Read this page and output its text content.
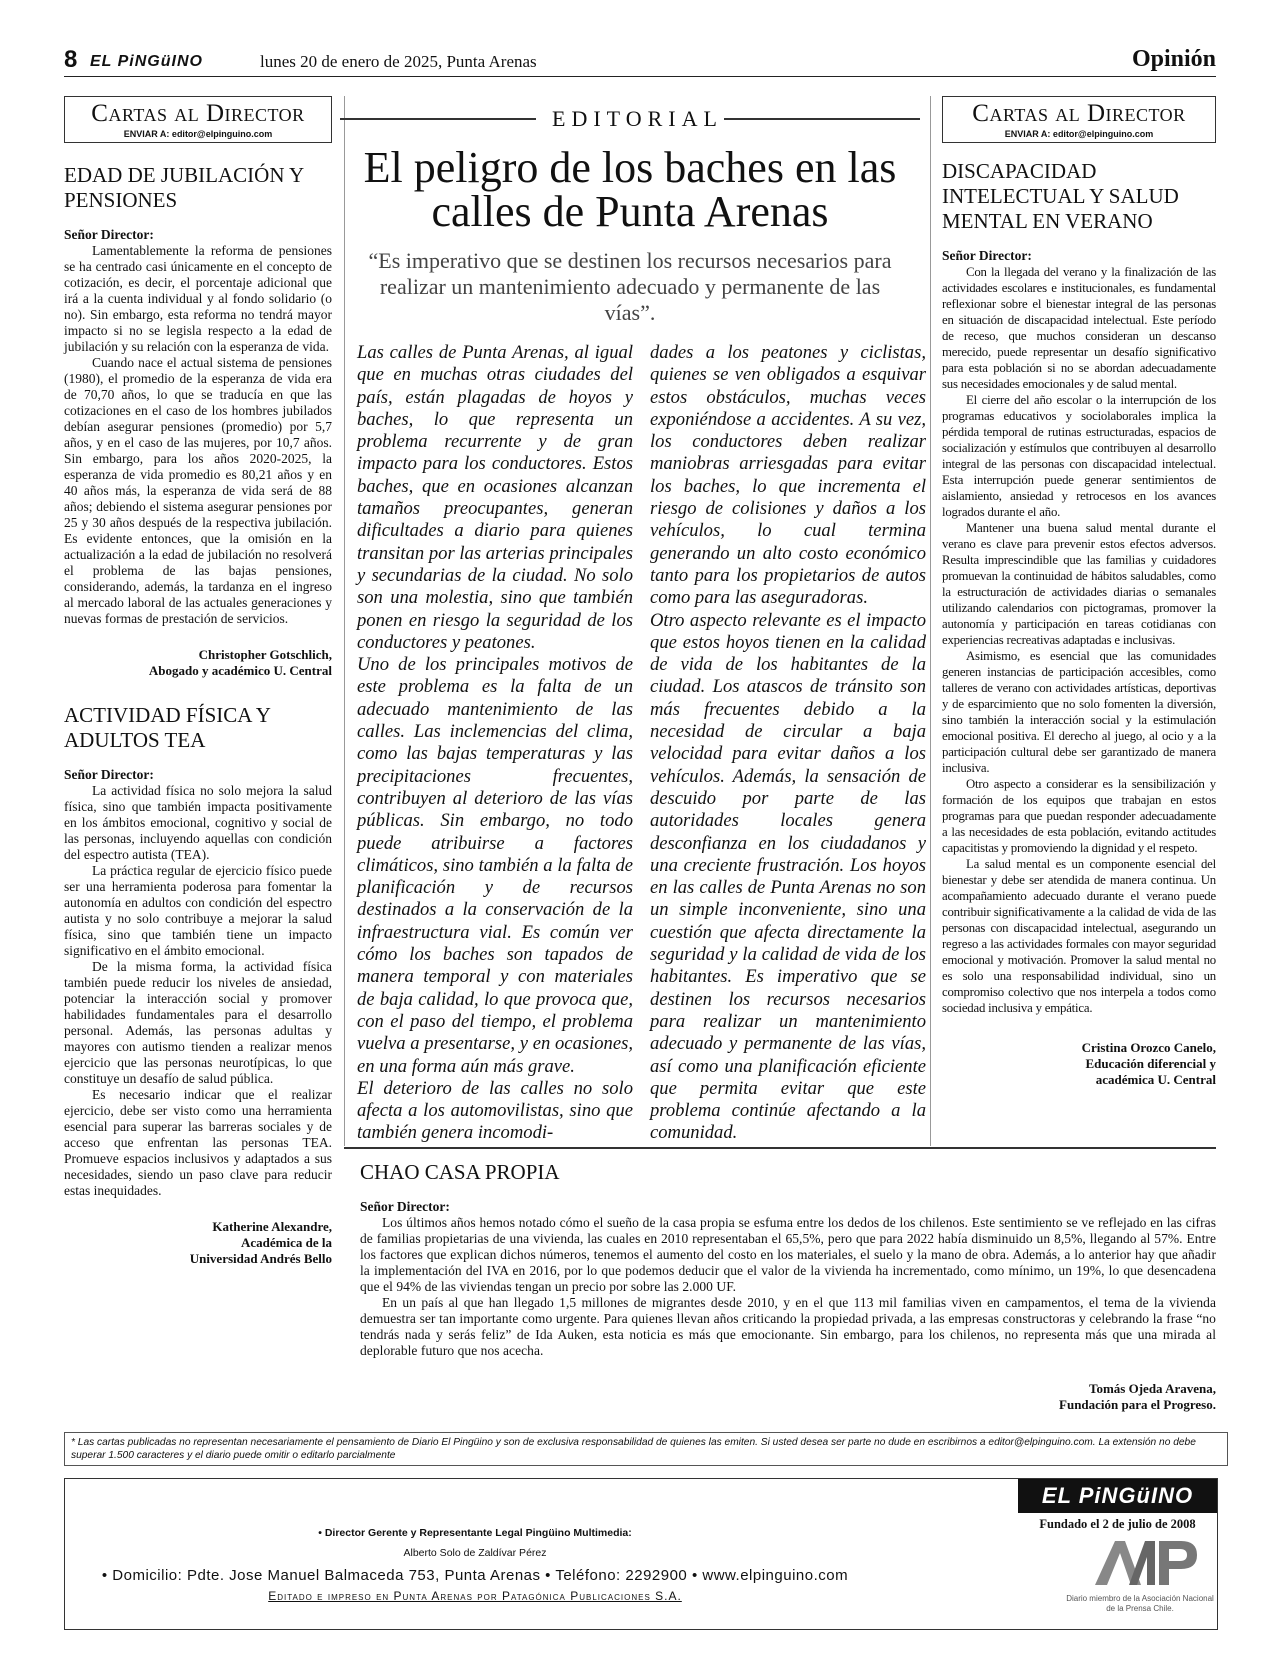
8 EL PiNGüINO	lunes 20 de enero de 2025, Punta Arenas	Opinión
Cartas al Director
ENVIAR A: editor@elpinguino.com
EDAD DE JUBILACIÓN Y PENSIONES
Señor Director:

Lamentablemente la reforma de pensiones se ha centrado casi únicamente en el concepto de cotización, es decir, el porcentaje adicional que irá a la cuenta individual y al fondo solidario (o no). Sin embargo, esta reforma no tendrá mayor impacto si no se legisla respecto a la edad de jubilación y su relación con la esperanza de vida.

Cuando nace el actual sistema de pensiones (1980), el promedio de la esperanza de vida era de 70,70 años, lo que se traducía en que las cotizaciones en el caso de los hombres jubilados debían asegurar pensiones (promedio) por 5,7 años, y en el caso de las mujeres, por 10,7 años. Sin embargo, para los años 2020-2025, la esperanza de vida promedio es 80,21 años y en 40 años más, la esperanza de vida será de 88 años; debiendo el sistema asegurar pensiones por 25 y 30 años después de la respectiva jubilación. Es evidente entonces, que la omisión en la actualización a la edad de jubilación no resolverá el problema de las bajas pensiones, considerando, además, la tardanza en el ingreso al mercado laboral de las actuales generaciones y nuevas formas de prestación de servicios.

Christopher Gotschlich,
Abogado y académico U. Central
ACTIVIDAD FÍSICA Y ADULTOS TEA
Señor Director:

La actividad física no solo mejora la salud física, sino que también impacta positivamente en los ámbitos emocional, cognitivo y social de las personas, incluyendo aquellas con condición del espectro autista (TEA).

La práctica regular de ejercicio físico puede ser una herramienta poderosa para fomentar la autonomía en adultos con condición del espectro autista y no solo contribuye a mejorar la salud física, sino que también tiene un impacto significativo en el ámbito emocional.

De la misma forma, la actividad física también puede reducir los niveles de ansiedad, potenciar la interacción social y promover habilidades fundamentales para el desarrollo personal. Además, las personas adultas y mayores con autismo tienden a realizar menos ejercicio que las personas neurotípicas, lo que constituye un desafío de salud pública.

Es necesario indicar que el realizar ejercicio, debe ser visto como una herramienta esencial para superar las barreras sociales y de acceso que enfrentan las personas TEA. Promueve espacios inclusivos y adaptados a sus necesidades, siendo un paso clave para reducir estas inequidades.

Katherine Alexandre,
Académica de la
Universidad Andrés Bello
EDITORIAL
El peligro de los baches en las calles de Punta Arenas
“Es imperativo que se destinen los recursos necesarios para realizar un mantenimiento adecuado y permanente de las vías”.

Las calles de Punta Arenas, al igual que en muchas otras ciudades del país, están plagadas de hoyos y baches, lo que representa un problema recurrente y de gran impacto para los conductores. Estos baches, que en ocasiones alcanzan tamaños preocupantes, generan dificultades a diario para quienes transitan por las arterias principales y secundarias de la ciudad. No solo son una molestia, sino que también ponen en riesgo la seguridad de los conductores y peatones.

Uno de los principales motivos de este problema es la falta de un adecuado mantenimiento de las calles. Las inclemencias del clima, como las bajas temperaturas y las precipitaciones frecuentes, contribuyen al deterioro de las vías públicas. Sin embargo, no todo puede atribuirse a factores climáticos, sino también a la falta de planificación y de recursos destinados a la conservación de la infraestructura vial. Es común ver cómo los baches son tapados de manera temporal y con materiales de baja calidad, lo que provoca que, con el paso del tiempo, el problema vuelva a presentarse, y en ocasiones, en una forma aún más grave.

El deterioro de las calles no solo afecta a los automovilistas, sino que también genera incomodi-

dades a los peatones y ciclistas, quienes se ven obligados a esquivar estos obstáculos, muchas veces exponiéndose a accidentes. A su vez, los conductores deben realizar maniobras arriesgadas para evitar los baches, lo que incrementa el riesgo de colisiones y daños a los vehículos, lo cual termina generando un alto costo económico tanto para los propietarios de autos como para las aseguradoras.

Otro aspecto relevante es el impacto que estos hoyos tienen en la calidad de vida de los habitantes de la ciudad. Los atascos de tránsito son más frecuentes debido a la necesidad de circular a baja velocidad para evitar daños a los vehículos. Además, la sensación de descuido por parte de las autoridades locales genera desconfianza en los ciudadanos y una creciente frustración. Los hoyos en las calles de Punta Arenas no son un simple inconveniente, sino una cuestión que afecta directamente la seguridad y la calidad de vida de los habitantes. Es imperativo que se destinen los recursos necesarios para realizar un mantenimiento adecuado y permanente de las vías, así como una planificación eficiente que permita evitar que este problema continúe afectando a la comunidad.

Cartas al Director
ENVIAR A: editor@elpinguino.com
DISCAPACIDAD INTELECTUAL Y SALUD MENTAL EN VERANO
Señor Director:

Con la llegada del verano y la finalización de las actividades escolares e institucionales, es fundamental reflexionar sobre el bienestar integral de las personas en situación de discapacidad intelectual. Este período de receso, que muchos consideran un descanso merecido, puede representar un desafío significativo para esta población si no se abordan adecuadamente sus necesidades emocionales y de salud mental.

El cierre del año escolar o la interrupción de los programas educativos y sociolaborales implica la pérdida temporal de rutinas estructuradas, espacios de socialización y estímulos que contribuyen al desarrollo integral de las personas con discapacidad intelectual. Esta interrupción puede generar sentimientos de aislamiento, ansiedad y retrocesos en los avances logrados durante el año.

Mantener una buena salud mental durante el verano es clave para prevenir estos efectos adversos. Resulta imprescindible que las familias y cuidadores promuevan la continuidad de hábitos saludables, como la estructuración de actividades diarias o semanales utilizando calendarios con pictogramas, promover la autonomía y participación en tareas cotidianas con experiencias recreativas adaptadas e inclusivas.

Asimismo, es esencial que las comunidades generen instancias de participación accesibles, como talleres de verano con actividades artísticas, deportivas y de esparcimiento que no solo fomenten la diversión, sino también la interacción social y la estimulación emocional positiva. El derecho al juego, al ocio y a la participación cultural debe ser garantizado de manera inclusiva.

Otro aspecto a considerar es la sensibilización y formación de los equipos que trabajan en estos programas para que puedan responder adecuadamente a las necesidades de esta población, evitando actitudes capacitistas y promoviendo la dignidad y el respeto.

La salud mental es un componente esencial del bienestar y debe ser atendida de manera continua. Un acompañamiento adecuado durante el verano puede contribuir significativamente a la calidad de vida de las personas con discapacidad intelectual, asegurando un regreso a las actividades formales con mayor seguridad emocional y motivación. Promover la salud mental no es solo una responsabilidad individual, sino un compromiso colectivo que nos interpela a todos como sociedad inclusiva y empática.

Cristina Orozco Canelo,
Educación diferencial y
académica U. Central
CHAO CASA PROPIA
Señor Director:

Los últimos años hemos notado cómo el sueño de la casa propia se esfuma entre los dedos de los chilenos. Este sentimiento se ve reflejado en las cifras de familias propietarias de una vivienda, las cuales en 2010 representaban el 65,5%, pero que para 2022 había disminuido un 8,5%, llegando al 57%. Entre los factores que explican dichos números, tenemos el aumento del costo en los materiales, el suelo y la mano de obra. Además, a lo anterior hay que añadir la implementación del IVA en 2016, por lo que podemos deducir que el valor de la vivienda ha incrementado, como mínimo, un 19%, lo que desencadena que el 94% de las viviendas tengan un precio por sobre las 2.000 UF.

En un país al que han llegado 1,5 millones de migrantes desde 2010, y en el que 113 mil familias viven en campamentos, el tema de la vivienda demuestra ser tan importante como urgente. Para quienes llevan años criticando la propiedad privada, a las empresas constructoras y celebrando la frase “no tendrás nada y serás feliz” de Ida Auken, esta noticia es más que emocionante. Sin embargo, para los chilenos, no representa más que una mirada al deplorable futuro que nos acecha.

Tomás Ojeda Aravena,
Fundación para el Progreso.
* Las cartas publicadas no representan necesariamente el pensamiento de Diario El Pingüino y son de exclusiva responsabilidad de quienes las emiten. Si usted desea ser parte no dude en escribirnos a editor@elpinguino.com. La extensión no debe superar 1.500 caracteres y el diario puede omitir o editarlo parcialmente
• Director Gerente y Representante Legal Pingüino Multimedia:
Alberto Solo de Zaldívar Pérez
• Domicilio: Pdte. Jose Manuel Balmaceda 753, Punta Arenas • Teléfono: 2292900 • www.elpinguino.com
Editado e impreso en Punta Arenas por Patagónica Publicaciones S.A.
EL PiNGüINO
Fundado el 2 de julio de 2008
Diario miembro de la Asociación Nacional de la Prensa Chile.
